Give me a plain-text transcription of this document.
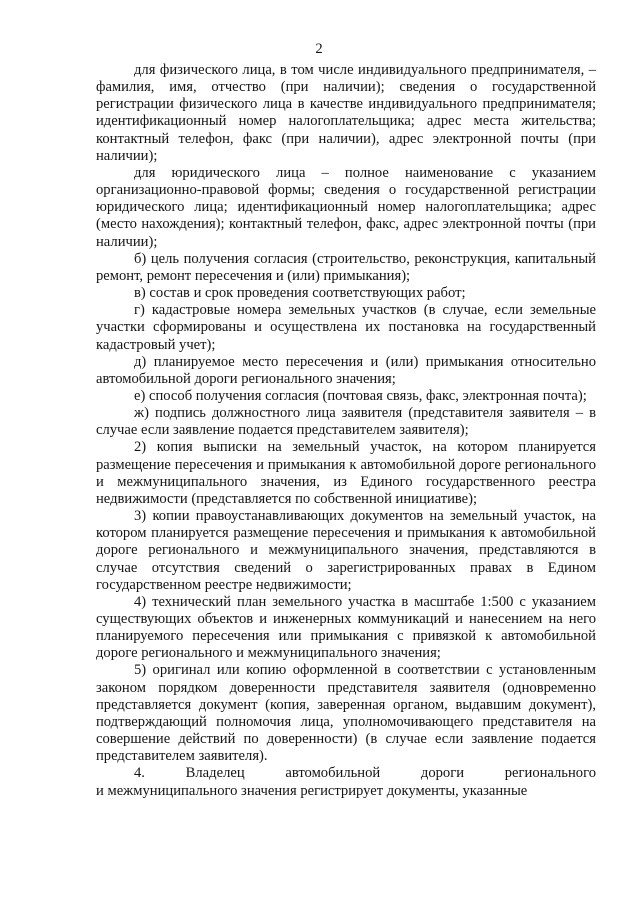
2

для физического лица, в том числе индивидуального предпринимателя, – фамилия, имя, отчество (при наличии); сведения о государственной регистрации физического лица в качестве индивидуального предпринимателя; идентификационный номер налогоплательщика; адрес места жительства; контактный телефон, факс (при наличии), адрес электронной почты (при наличии);

для юридического лица – полное наименование с указанием организационно-правовой формы; сведения о государственной регистрации юридического лица; идентификационный номер налогоплательщика; адрес (место нахождения); контактный телефон, факс, адрес электронной почты (при наличии);

б) цель получения согласия (строительство, реконструкция, капитальный ремонт, ремонт пересечения и (или) примыкания);

в) состав и срок проведения соответствующих работ;

г) кадастровые номера земельных участков (в случае, если земельные участки сформированы и осуществлена их постановка на государственный кадастровый учет);

д) планируемое место пересечения и (или) примыкания относительно автомобильной дороги регионального значения;

е) способ получения согласия (почтовая связь, факс, электронная почта);

ж) подпись должностного лица заявителя (представителя заявителя – в случае если заявление подается представителем заявителя);

2) копия выписки на земельный участок, на котором планируется размещение пересечения и примыкания к автомобильной дороге регионального и межмуниципального значения, из Единого государственного реестра недвижимости (представляется по собственной инициативе);

3) копии правоустанавливающих документов на земельный участок, на котором планируется размещение пересечения и примыкания к автомобильной дороге регионального и межмуниципального значения, представляются в случае отсутствия сведений о зарегистрированных правах в Едином государственном реестре недвижимости;

4) технический план земельного участка в масштабе 1:500 с указанием существующих объектов и инженерных коммуникаций и нанесением на него планируемого пересечения или примыкания с привязкой к автомобильной дороге регионального и межмуниципального значения;

5) оригинал или копию оформленной в соответствии с установленным законом порядком доверенности представителя заявителя (одновременно представляется документ (копия, заверенная органом, выдавшим документ), подтверждающий полномочия лица, уполномочивающего представителя на совершение действий по доверенности) (в случае если заявление подается представителем заявителя).

4. Владелец автомобильной дороги регионального

и межмуниципального значения регистрирует документы, указанные
